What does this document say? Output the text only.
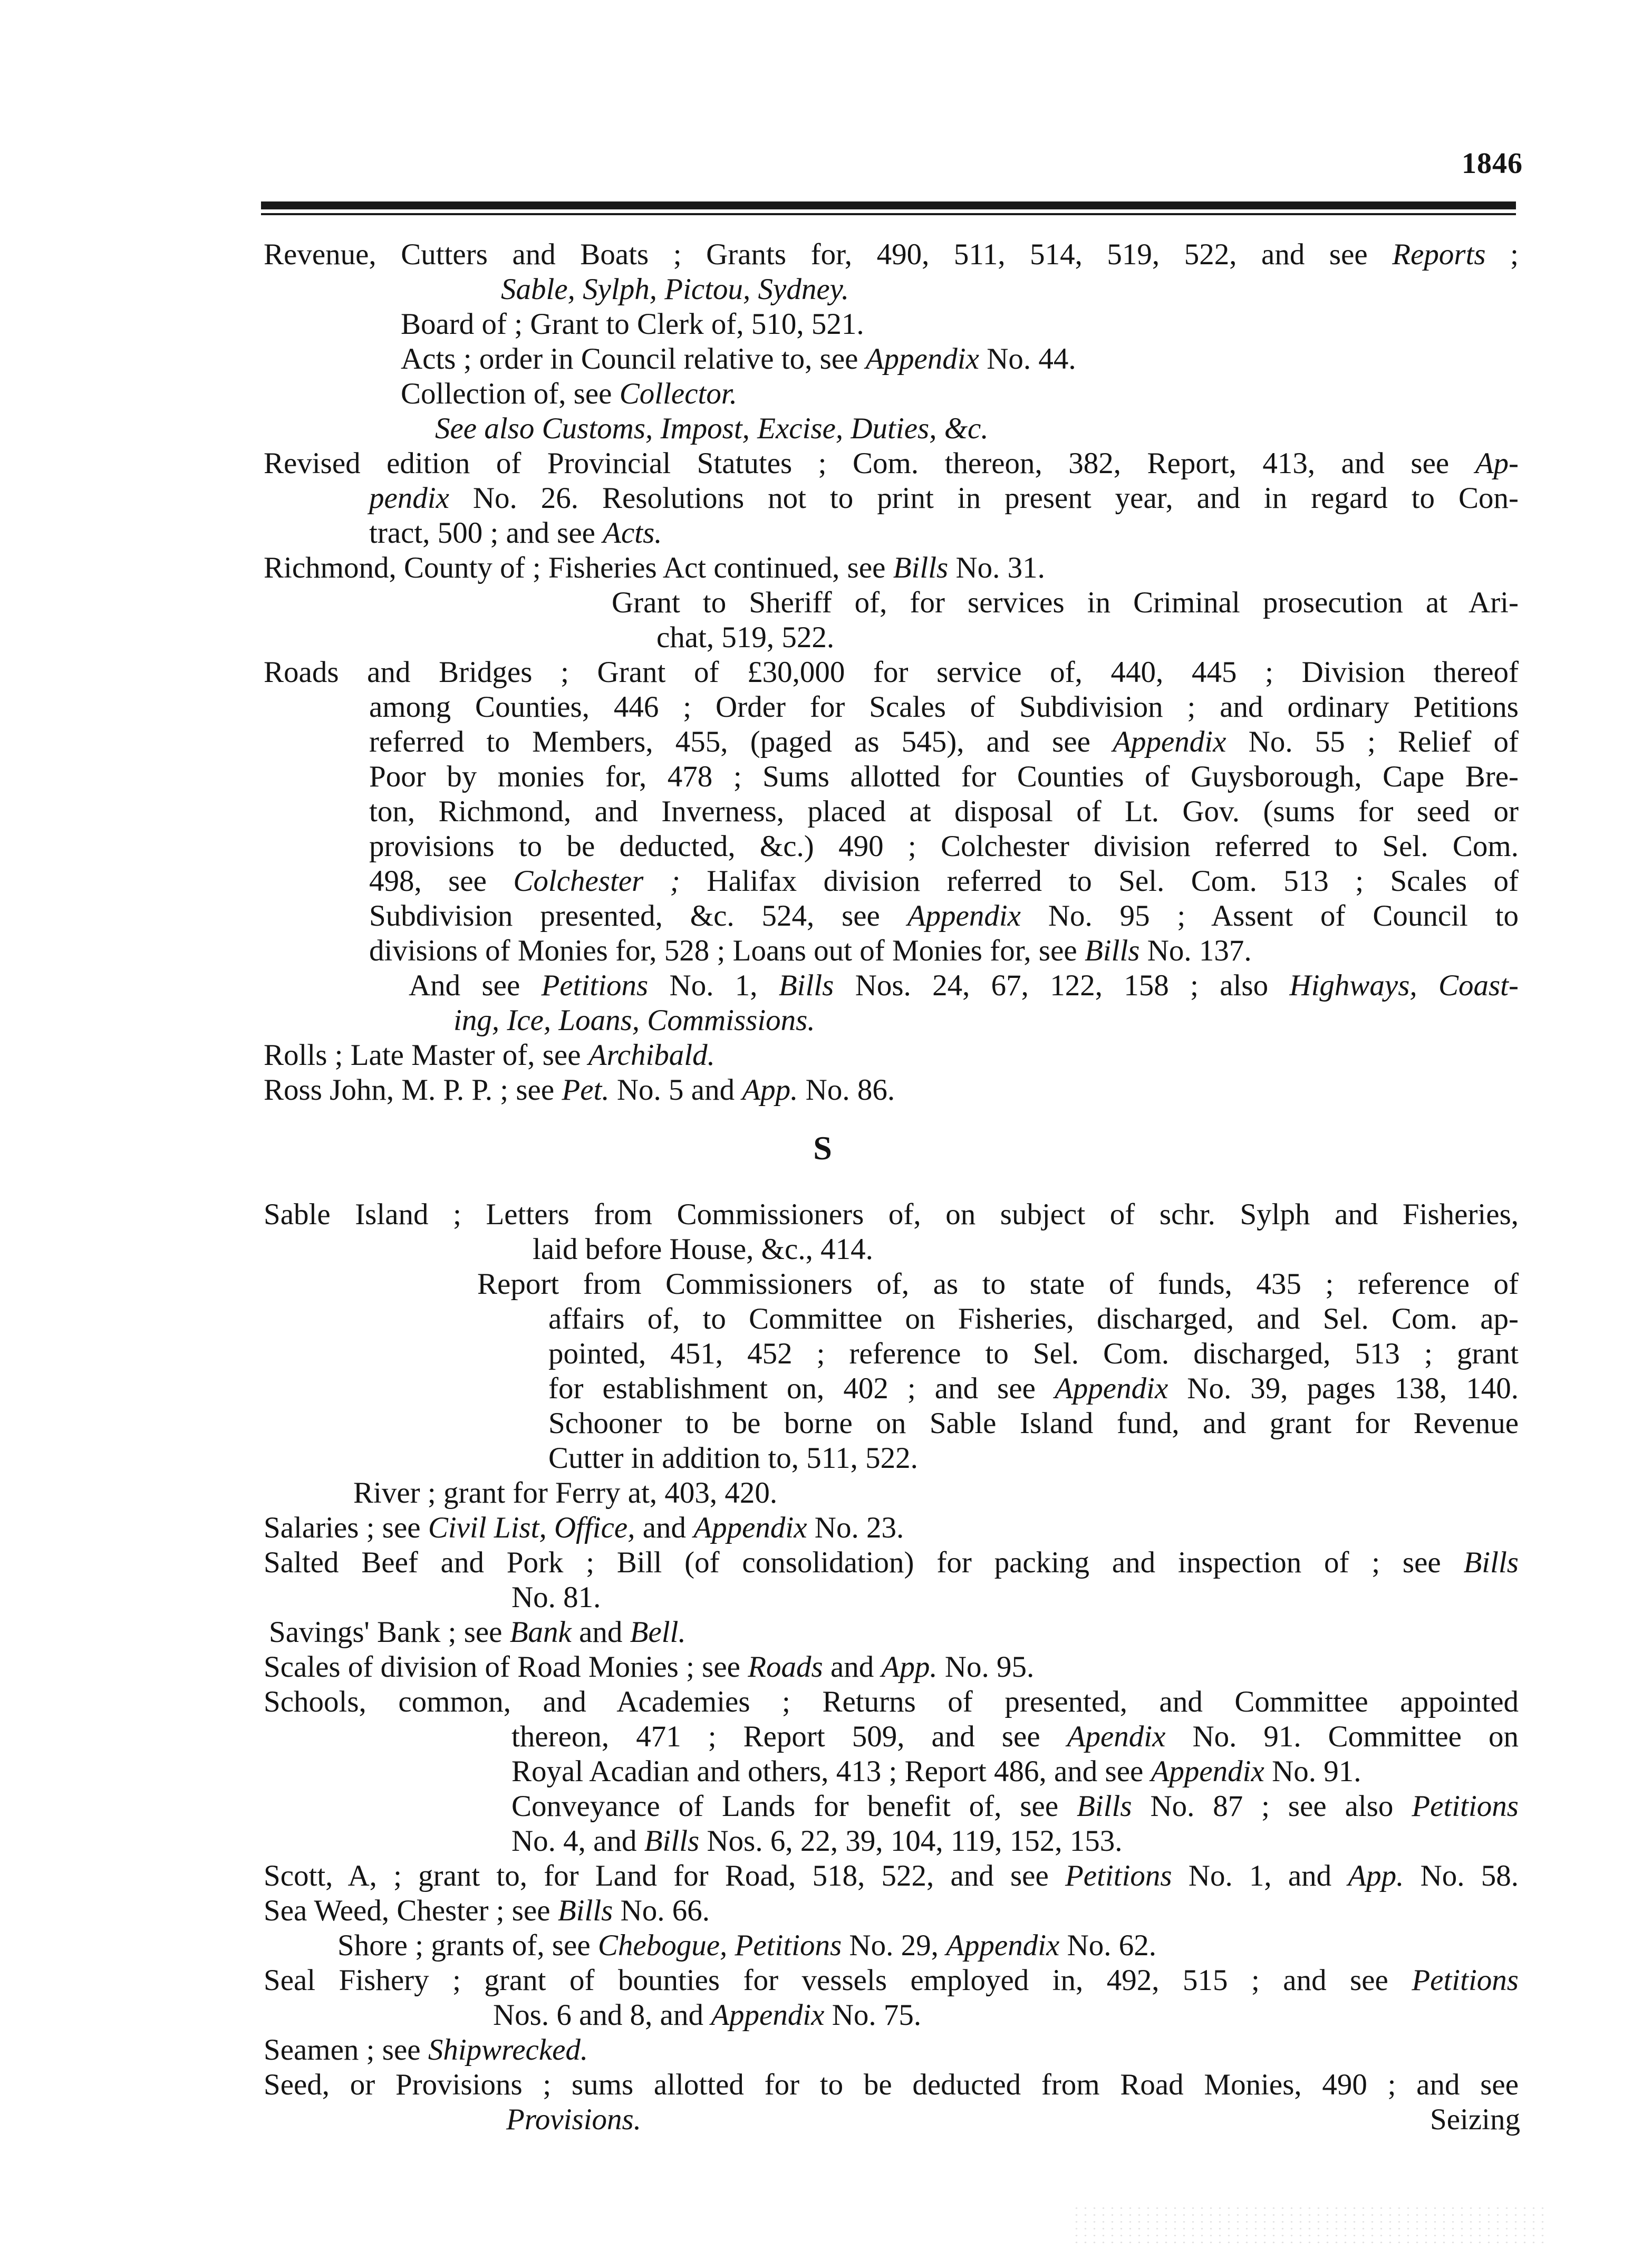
1846
Revenue, Cutters and Boats ; Grants for, 490, 511, 514, 519, 522, and see Reports ;
Sable, Sylph, Pictou, Sydney.
Board of ; Grant to Clerk of, 510, 521.
Acts ; order in Council relative to, see Appendix No. 44.
Collection of, see Collector.
See also Customs, Impost, Excise, Duties, &c.
Revised edition of Provincial Statutes ; Com. thereon, 382, Report, 413, and see Ap-
pendix No. 26. Resolutions not to print in present year, and in regard to Con-
tract, 500 ; and see Acts.
Richmond, County of ; Fisheries Act continued, see Bills No. 31.
Grant to Sheriff of, for services in Criminal prosecution at Ari-
chat, 519, 522.
Roads and Bridges ; Grant of £30,000 for service of, 440, 445 ; Division thereof
among Counties, 446 ; Order for Scales of Subdivision ; and ordinary Petitions
referred to Members, 455, (paged as 545), and see Appendix No. 55 ; Relief of
Poor by monies for, 478 ; Sums allotted for Counties of Guysborough, Cape Bre-
ton, Richmond, and Inverness, placed at disposal of Lt. Gov. (sums for seed or
provisions to be deducted, &c.) 490 ; Colchester division referred to Sel. Com.
498, see Colchester ; Halifax division referred to Sel. Com. 513 ; Scales of
Subdivision presented, &c. 524, see Appendix No. 95 ; Assent of Council to
divisions of Monies for, 528 ; Loans out of Monies for, see Bills No. 137.
And see Petitions No. 1, Bills Nos. 24, 67, 122, 158 ; also Highways, Coast-
ing, Ice, Loans, Commissions.
Rolls ; Late Master of, see Archibald.
Ross John, M. P. P. ; see Pet. No. 5 and App. No. 86.
S
Sable Island ; Letters from Commissioners of, on subject of schr. Sylph and Fisheries,
laid before House, &c., 414.
Report from Commissioners of, as to state of funds, 435 ; reference of
affairs of, to Committee on Fisheries, discharged, and Sel. Com. ap-
pointed, 451, 452 ; reference to Sel. Com. discharged, 513 ; grant
for establishment on, 402 ; and see Appendix No. 39, pages 138, 140.
Schooner to be borne on Sable Island fund, and grant for Revenue
Cutter in addition to, 511, 522.
River ; grant for Ferry at, 403, 420.
Salaries ; see Civil List, Office, and Appendix No. 23.
Salted Beef and Pork ; Bill (of consolidation) for packing and inspection of ; see Bills
No. 81.
Savings' Bank ; see Bank and Bell.
Scales of division of Road Monies ; see Roads and App. No. 95.
Schools, common, and Academies ; Returns of presented, and Committee appointed
thereon, 471 ; Report 509, and see Apendix No. 91. Committee on
Royal Acadian and others, 413 ; Report 486, and see Appendix No. 91.
Conveyance of Lands for benefit of, see Bills No. 87 ; see also Petitions
No. 4, and Bills Nos. 6, 22, 39, 104, 119, 152, 153.
Scott, A, ; grant to, for Land for Road, 518, 522, and see Petitions No. 1, and App. No. 58.
Sea Weed, Chester ; see Bills No. 66.
Shore ; grants of, see Chebogue, Petitions No. 29, Appendix No. 62.
Seal Fishery ; grant of bounties for vessels employed in, 492, 515 ; and see Petitions
Nos. 6 and 8, and Appendix No. 75.
Seamen ; see Shipwrecked.
Seed, or Provisions ; sums allotted for to be deducted from Road Monies, 490 ; and see
Provisions.	Seizing
